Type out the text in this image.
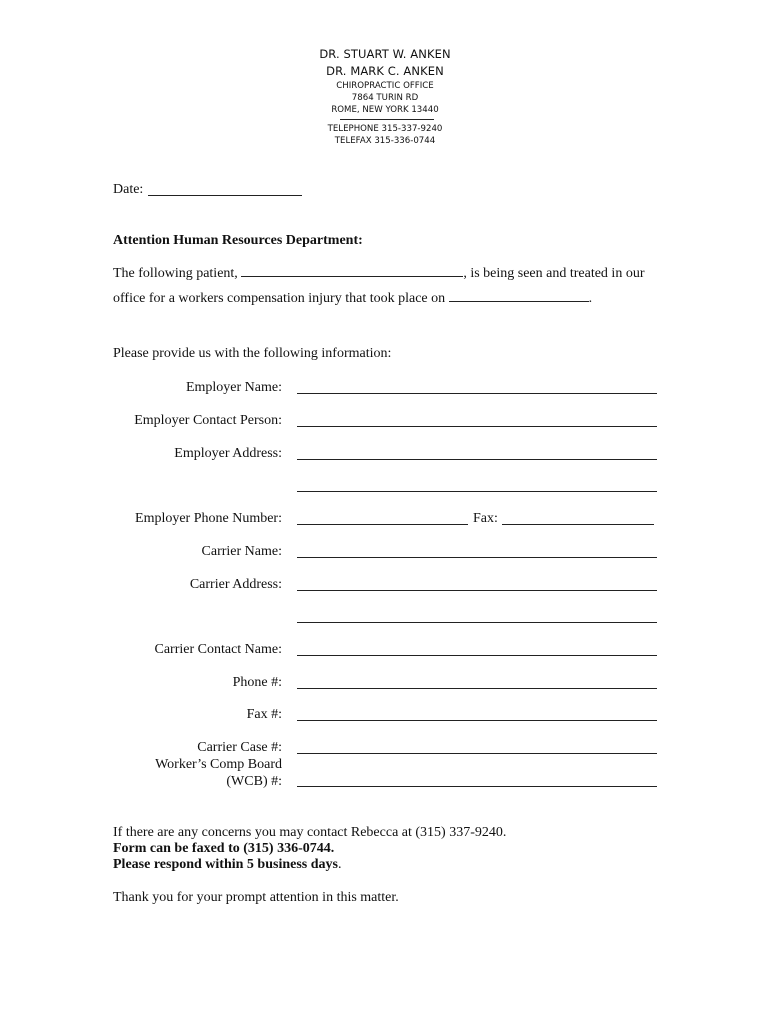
DR. STUART W. ANKEN
DR. MARK C. ANKEN
CHIROPRACTIC OFFICE
7864 TURIN RD
ROME, NEW YORK 13440
TELEPHONE 315-337-9240
TELEFAX 315-336-0744
Date:
Attention Human Resources Department:
The following patient,	, is being seen and treated in our
office for a workers compensation injury that took place on	.
Please provide us with the following information:
Employer Name:
Employer Contact Person:
Employer Address:
Employer Phone Number:	Fax:
Carrier Name:
Carrier Address:
Carrier Contact Name:
Phone #:
Fax #:
Carrier Case #:
Worker’s Comp Board
(WCB) #:
If there are any concerns you may contact Rebecca at (315) 337-9240.
Form can be faxed to (315) 336-0744.
Please respond within 5 business days.
Thank you for your prompt attention in this matter.
